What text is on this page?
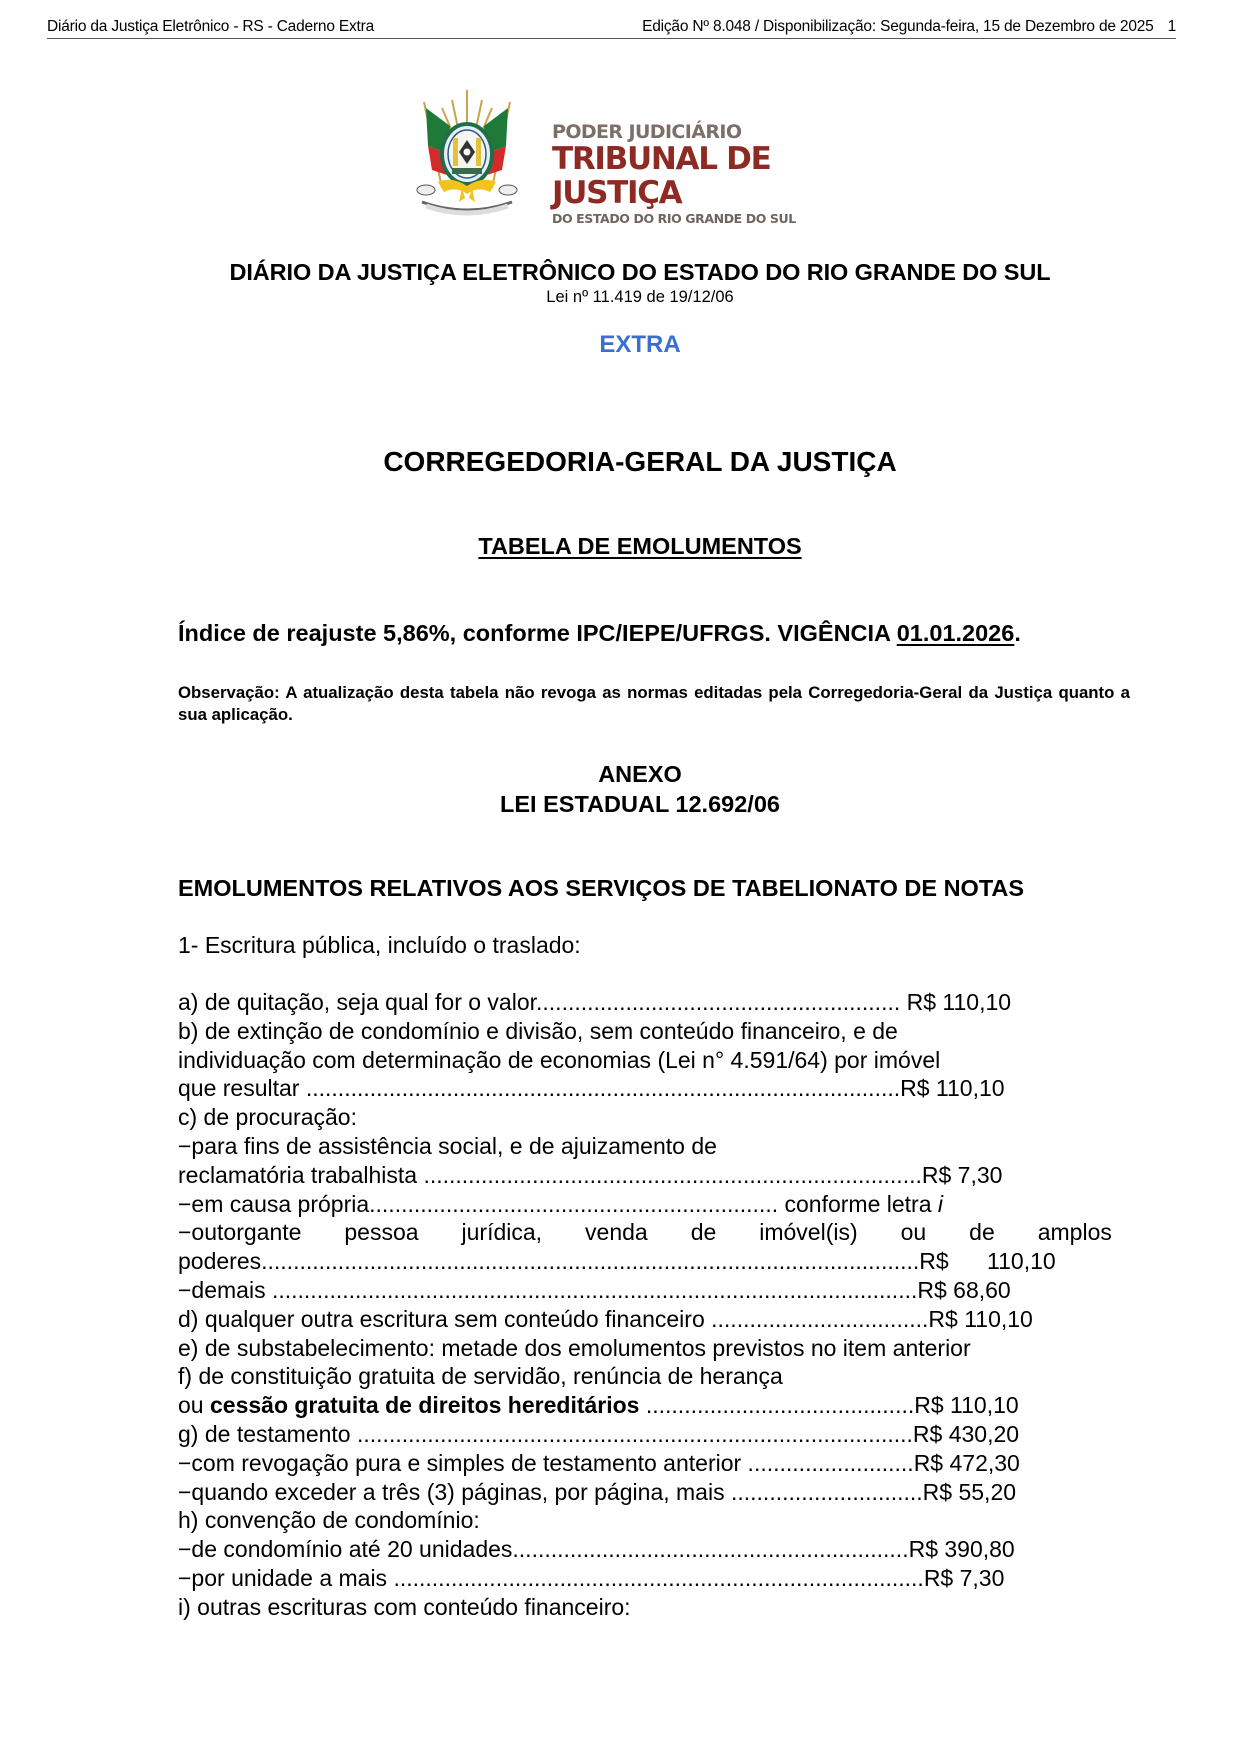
Diário da Justiça Eletrônico - RS - Caderno Extra	Edição Nº 8.048 / Disponibilização: Segunda-feira, 15 de Dezembro de 2025 1
PODER JUDICIÁRIO
TRIBUNAL DE JUSTIÇA
DO ESTADO DO RIO GRANDE DO SUL
DIÁRIO DA JUSTIÇA ELETRÔNICO DO ESTADO DO RIO GRANDE DO SUL
Lei nº 11.419 de 19/12/06
EXTRA
CORREGEDORIA-GERAL DA JUSTIÇA
TABELA DE EMOLUMENTOS
Índice de reajuste 5,86%, conforme IPC/IEPE/UFRGS. VIGÊNCIA 01.01.2026.
Observação: A atualização desta tabela não revoga as normas editadas pela Corregedoria-Geral da Justiça quanto a sua aplicação.
ANEXO
LEI ESTADUAL 12.692/06
EMOLUMENTOS RELATIVOS AOS SERVIÇOS DE TABELIONATO DE NOTAS
1- Escritura pública, incluído o traslado:
a) de quitação, seja qual for o valor......................................................... R$ 110,10
b) de extinção de condomínio e divisão, sem conteúdo financeiro, e de
individuação com determinação de economias (Lei n° 4.591/64) por imóvel
que resultar .............................................................................................R$ 110,10
c) de procuração:
−para fins de assistência social, e de ajuizamento de
reclamatória trabalhista ..............................................................................R$ 7,30
−em causa própria................................................................ conforme letra i
−outorgante pessoa jurídica, venda de imóvel(is) ou de amplos
poderes.......................................................................................................R$      110,10
−demais .....................................................................................................R$ 68,60
d) qualquer outra escritura sem conteúdo financeiro ..................................R$ 110,10
e) de substabelecimento: metade dos emolumentos previstos no item anterior
f) de constituição gratuita de servidão, renúncia de herança
ou cessão gratuita de direitos hereditários ..........................................R$ 110,10
g) de testamento .......................................................................................R$ 430,20
−com revogação pura e simples de testamento anterior ..........................R$ 472,30
−quando exceder a três (3) páginas, por página, mais ..............................R$ 55,20
h) convenção de condomínio:
−de condomínio até 20 unidades..............................................................R$ 390,80
−por unidade a mais ...................................................................................R$ 7,30
i) outras escrituras com conteúdo financeiro:
